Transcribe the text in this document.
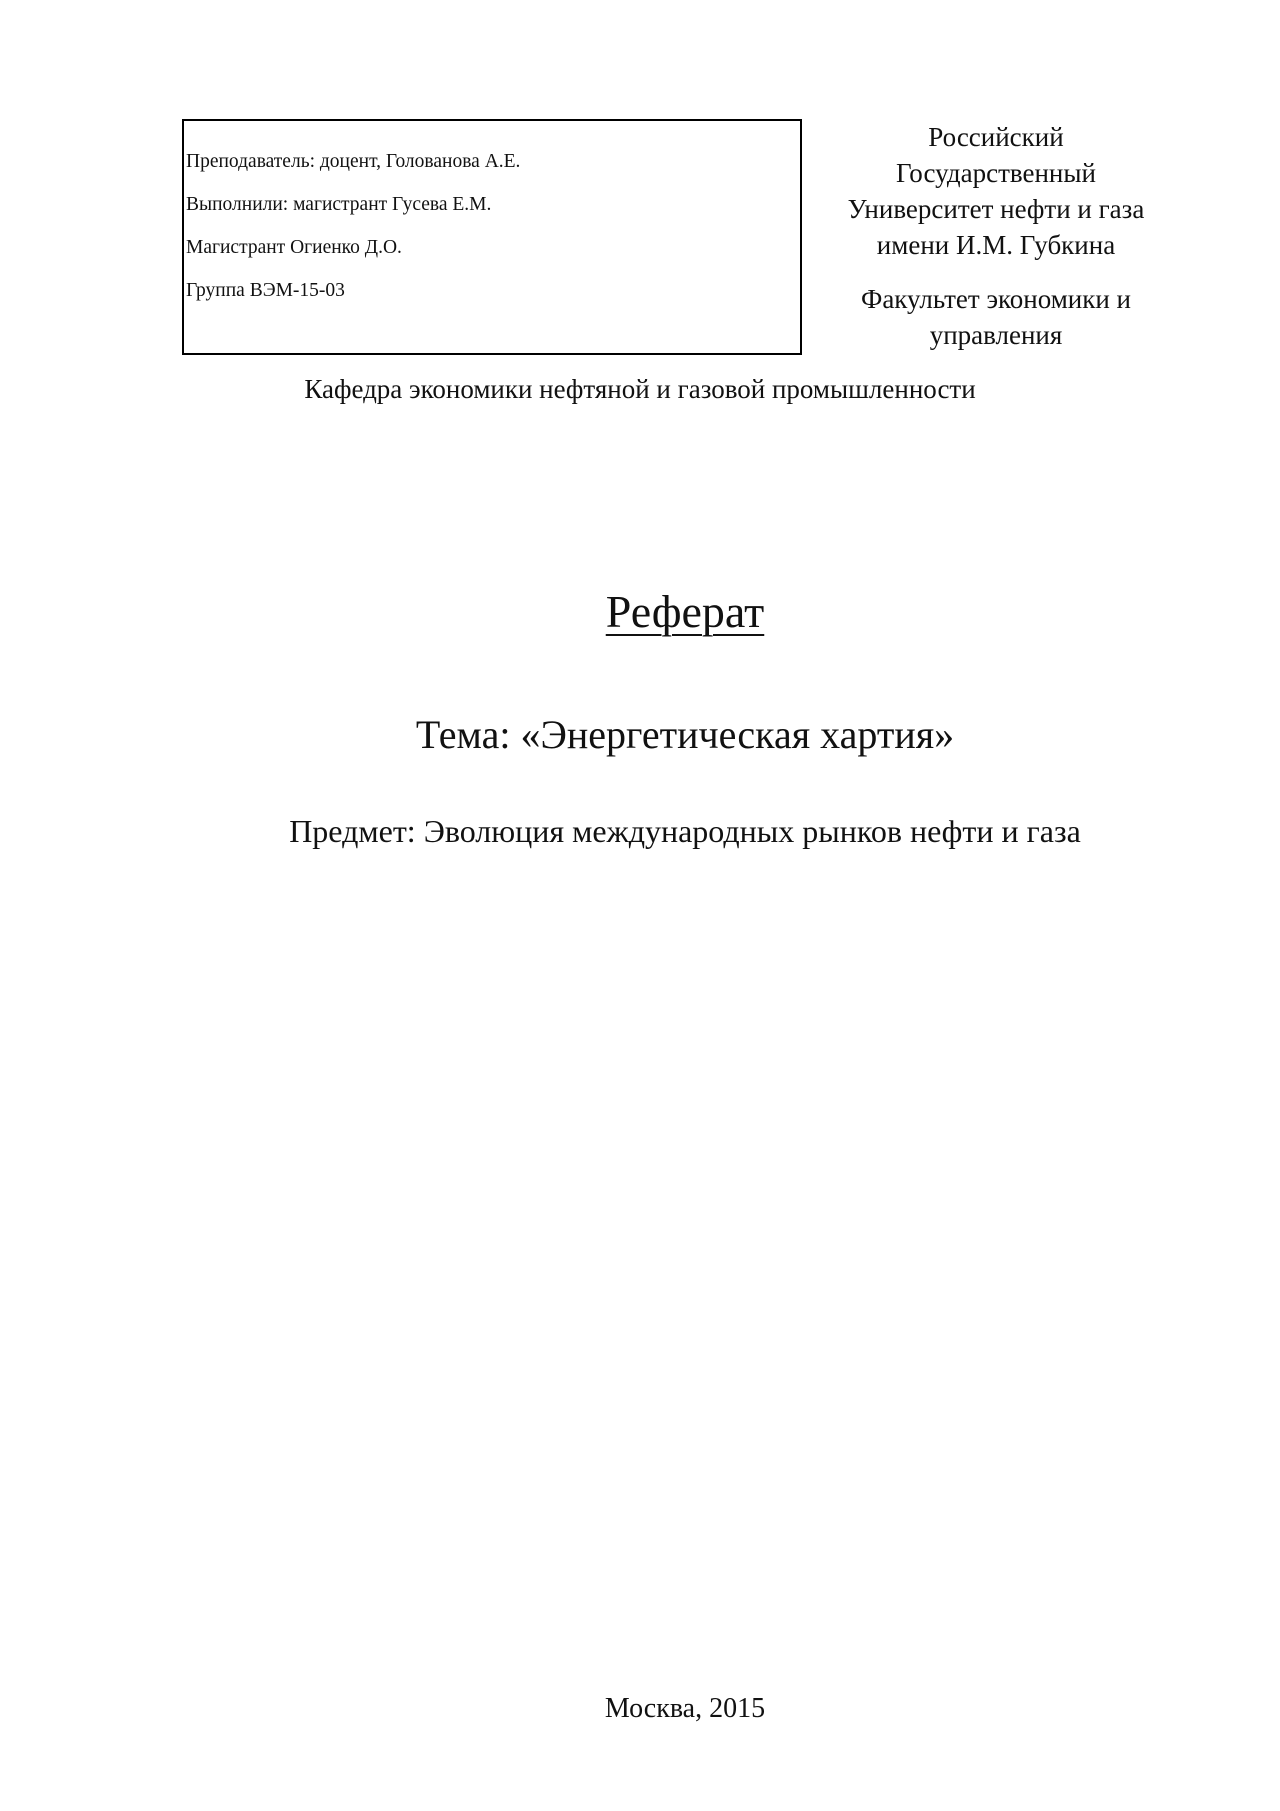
Преподаватель: доцент, Голованова А.Е.
Выполнили: магистрант Гусева Е.М.
Магистрант Огиенко Д.О.
Группа ВЭМ-15-03
Российский
Государственный
Университет нефти и газа
имени И.М. Губкина
Факультет экономики и
управления
Кафедра экономики нефтяной и газовой промышленности
Реферат
Тема: «Энергетическая хартия»
Предмет: Эволюция международных рынков нефти и газа
Москва, 2015
